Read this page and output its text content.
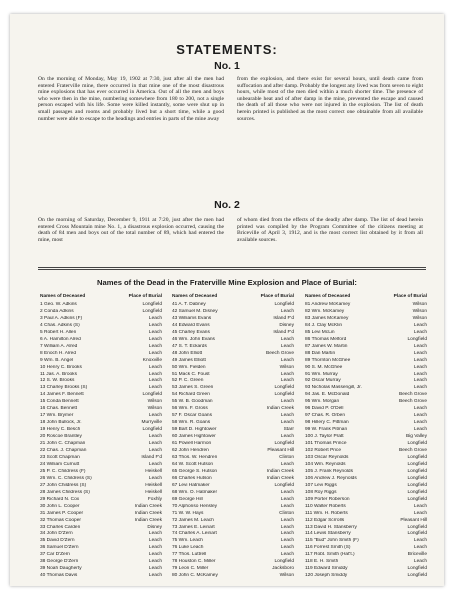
STATEMENTS:
No. 1

On the morning of Monday, May 19, 1902 at 7:30, just after all the men had entered Fraterville mine, there occurred in that mine one of the most disastrous mine explosions that has ever occurred in America. Out of all the men and boys who were then in the mine, numbering somewhere from 180 to 200, not a single person escaped with his life. Some were killed instantly, some were shut up in small passages and rooms and probably lived but a short time, while a good number were able to escape to the headings and entries in parts of the mine away

from the explosion, and there exist for several hours, until death came from suffocation and after damp. Probably the longest any lived was from seven to eight hours, while most of the men died within a much shorter time. The presence of unbearable heat and of after damp in the mine, prevented the escape and caused the death of all those who were not injured in the explosion. The list of death herein printed is published as the most correct one obtainable from all available sources.

No. 2

On the morning of Saturday, December 9, 1911 at 7:20, just after the men had entered Cross Mountain mine No. 1, a disastrous explosion occurred, causing the death of 84 men and boys out of the total number of 89, which had entered the mine, most

of whom died from the effects of the deadly after damp. The list of dead herein printed was compiled by the Program Committee of the citizens meeting at Briceville of April 3, 1912, and is the most correct list obtained by it from all available sources.

Names of the Dead in the Fraterville Mine Explosion and Place of Burial:
Names of Deceased	Place of Burial
1 Geo. W. Adkins	Longfield
2 Conda Adkins	Longfield
3 Paul A. Adkins (F)	Leach
4 Chas. Adkins (S)	Leach
5 Robert H. Allen	Leach
6 A. Hamilton Alred	Leach
7 William A. Alred	Leach
8 Enoch H. Alred	Leach
9 Wm. B. Angel	Knoxville
10 Henry C. Brooks	Leach
11 Jas. A. Brooks	Leach
12 S. W. Brooks	Leach
13 Charley Brooks (S)	Leach
14 James F. Bennett	Longfield
15 Conda Bennett	Wilson
16 Chas. Bennett	Wilson
17 Wm. Brymer	Leach
18 John Bullock, Jr.	Murryville
19 Henry C. Besch	Longfield
20 Roscoe Brantley	Leach
21 John C. Chapman	Leach
22 Chas. J. Chapman	Leach
23 Scott Chapman	Island F'd
24 William Curnutt	Leach
25 P. C. Childress (F)	Heiskell
26 Wm. C. Childress (S)	Leach
27 John Childress (S)	Heiskell
28 James Childress (S)	Heiskell
29 Richard N. Cox	Foxhly
30 John L. Cooper	Indian Creek
31 James P. Cooper	Indian Creek
32 Thomas Cooper	Indian Creek
33 Charles Carden	Disney
34 John D'Zern	Leach
35 David D'Zern	Leach
36 Samuel D'Zern	Leach
37 Car D'Zern	Leach
38 George D'Zern	Leach
39 Noah Daugherty	Leach
40 Thomas Davis	Leach
Names of Deceased	Place of Burial
41 A. T. Dabney	Longfield
42 Samuel M. Disney	Leach
43 Williams Evans	Island F'd
44 Edward Evans	Disney
45 Charley Evans	Island F'd
46 Wm. John Evans	Leach
47 S. T. Eckards	Leach
48 John Elliott	Beech Grove
49 James Elliott	Leach
50 Wm. Fielden	Wilson
51 Mack C. Foust	Leach
52 P. C. Green	Leach
53 James S. Green	Longfield
54 Richard Green	Longfield
55 W. B. Goodman	Leach
56 Wm. F. Gross	Indian Creek
57 F. Oscar Goans	Leach
58 Wm. R. Goans	Leach
59 Bart D. Hightower	Starr
60 James Hightower	Leach
61 Powell Harmon	Longfield
62 John Hendren	Pleasant Hill
63 Thos. W. Hendren	Clinton
64 W. Scott Hutson	Leach
65 George S. Hutson	Indian Creek
66 Charles Hutson	Indian Creek
67 Levi Hatmaker	Longfield
68 Wm. O. Hatmaker	Leach
69 George Hill	Leach
70 Alphonso Hensley	Leach
71 W. W. Hays	Clinton
72 James M. Leach	Leach
73 James E. Leinart	Leach
74 Charles A. Leinart	Leach
75 Wm. Leach	Leach
76 Luke Leach	Leach
77 Thos. Luttrell	Leach
78 Houston C. Miller	Longfield
79 Leon C. Miller	Jacksboro
80 John C. McKamey	Wilson
Names of Deceased	Place of Burial
81 Andrew McKamey	Wilson
82 Wm. McKamey	Wilson
83 James McKamey	Wilson
84 J. Clay McKlin	Leach
85 Levi McLin	Leach
86 Thomas Melford	Longfield
87 James W. Martin	Leach
88 Dan Martin	Leach
89 Thornton McGhee	Leach
90 S. M. McGhee	Leach
91 Wm. Murray	Leach
92 Oscar Murray	Leach
93 Nicholas Massengill, Jr.	Leach
94 Jas. E. McDonald	Beech Grove
95 Wm. Morgan	Beech Grove
96 David P. O'Dell	Leach
97 Chas. R. Orben	Leach
98 Hillery C. Pittman	Leach
99 W. Frank Pitman	Leach
100 J. Taylor Pratt	Big Valley
101 Thomas Prince	Longfield
102 Robert Price	Beech Grove
103 Oscar Reynolds	Longfield
104 Wm. Reynolds	Longfield
105 J. Frank Reynolds	Longfield
106 Andrew J. Reynolds	Longfield
107 Levi Riggs	Longfield
108 Roy Riggs	Longfield
109 Porter Roberson	Longfield
110 Walter Roberts	Leach
111 Wm. H. Roberts	Leach
112 Edgar Scrrolls	Pleasant Hill
113 David H. Stansberry	Longfield
114 Lewis Stansberry	Longfield
115 "Bud" John Smith (F)	Leach
116 Forrest Smith (S)	Leach
117 Robt. Smith (Hat't.)	Briceville
118 E. H. Smith	Leach
119 Edward Smiddy	Longfield
120 Joseph Smiddy	Longfield
